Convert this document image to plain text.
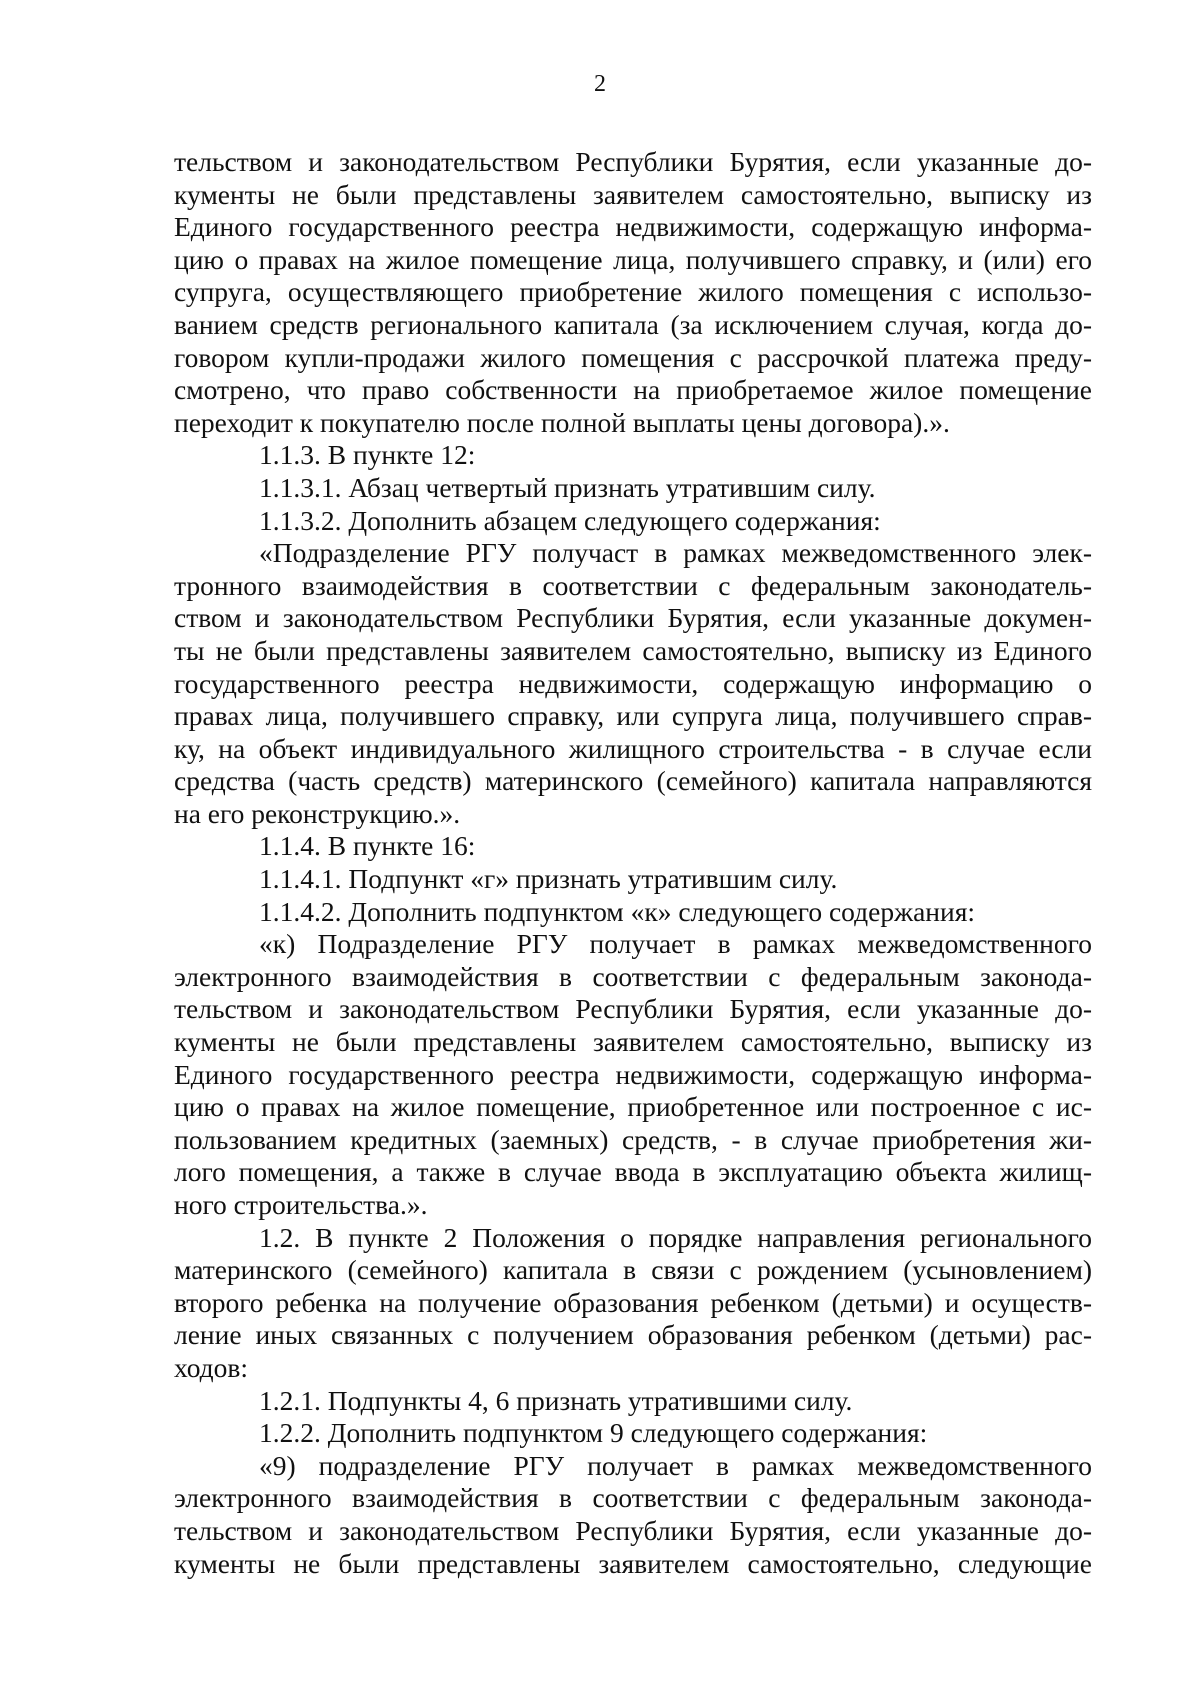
2

тельством и законодательством Республики Бурятия, если указанные до-

кументы не были представлены заявителем самостоятельно, выписку из

Единого государственного реестра недвижимости, содержащую информа-

цию о правах на жилое помещение лица, получившего справку, и (или) его

супруга, осуществляющего приобретение жилого помещения с использо-

ванием средств регионального капитала (за исключением случая, когда до-

говором купли-продажи жилого помещения с рассрочкой платежа преду-

смотрено, что право собственности на приобретаемое жилое помещение

переходит к покупателю после полной выплаты цены договора).».

1.1.3. В пункте 12:

1.1.3.1. Абзац четвертый признать утратившим силу.

1.1.3.2. Дополнить абзацем следующего содержания:

«Подразделение РГУ получаст в рамках межведомственного элек-

тронного взаимодействия в соответствии с федеральным законодатель-

ством и законодательством Республики Бурятия, если указанные докумен-

ты не были представлены заявителем самостоятельно, выписку из Единого

государственного реестра недвижимости, содержащую информацию о

правах лица, получившего справку, или супруга лица, получившего справ-

ку, на объект индивидуального жилищного строительства - в случае если

средства (часть средств) материнского (семейного) капитала направляются

на его реконструкцию.».

1.1.4. В пункте 16:

1.1.4.1. Подпункт «г» признать утратившим силу.

1.1.4.2. Дополнить подпунктом «к» следующего содержания:

«к) Подразделение РГУ получает в рамках межведомственного

электронного взаимодействия в соответствии с федеральным законода-

тельством и законодательством Республики Бурятия, если указанные до-

кументы не были представлены заявителем самостоятельно, выписку из

Единого государственного реестра недвижимости, содержащую информа-

цию о правах на жилое помещение, приобретенное или построенное с ис-

пользованием кредитных (заемных) средств, - в случае приобретения жи-

лого помещения, а также в случае ввода в эксплуатацию объекта жилищ-

ного строительства.».

1.2. В пункте 2 Положения о порядке направления регионального

материнского (семейного) капитала в связи с рождением (усыновлением)

второго ребенка на получение образования ребенком (детьми) и осуществ-

ление иных связанных с получением образования ребенком (детьми) рас-

ходов:

1.2.1. Подпункты 4, 6 признать утратившими силу.

1.2.2. Дополнить подпунктом 9 следующего содержания:

«9) подразделение РГУ получает в рамках межведомственного

электронного взаимодействия в соответствии с федеральным законода-

тельством и законодательством Республики Бурятия, если указанные до-

кументы не были представлены заявителем самостоятельно, следующие
